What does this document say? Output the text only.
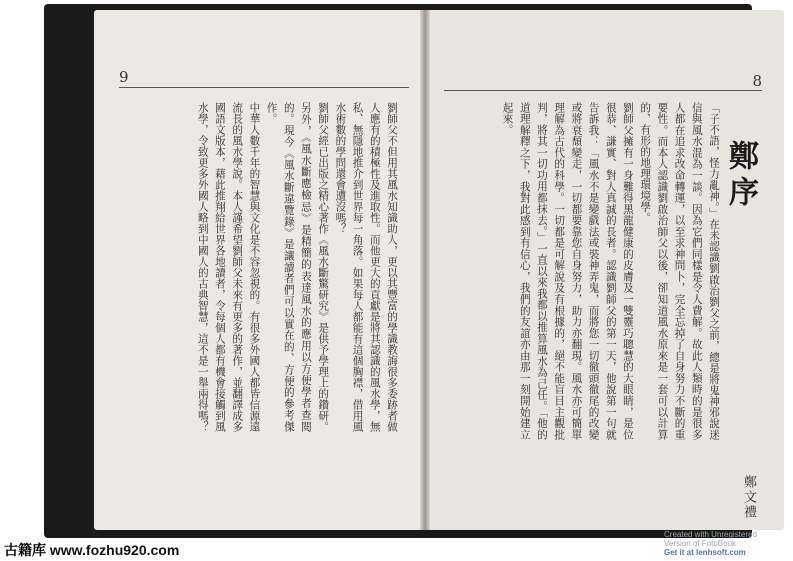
9

劉師父不但用其風水知識助人，更以其豐富的學識教誨很多委跡者做人應有的積極性及進取性。而他更大的貢獻是將其認識的風水學，無私、無隱地推介到世界每一角落。如果每人都能有這個胸襟，借用風水術數的學問還會遭沒嗎？

劉師父經已出版之精心著作《風水斷驚研究》是供予學理上的鑽研。另外，《風水斷應檢忌》是精簡的表達風水的應用以方便學者查閱的。現今《風水斷違覽錄》是讓讀者們可以實在的、方便的參考傑作。

中華人數千年的智慧與文化是不容忽視的。有很多外國人都皆信源遠流長的風水學說。本人謹希望劉師父未來有更多的著作，並翻譯成多國語文版本，藉此推翔給世界各地讀者，令每個人都有機會接觸到風水學，令致更多外國人略到中國人的古典智慧，這不是一舉兩得嗎？

8

「子不語，怪力亂神。」在未認識劉啟治劉父之前，總是將鬼神邪說迷信與風水混為一談。因為它們同樣是令人費解。故此人類時的是很多人都在追求改命轉運，以至求神問卜，完全忘掉了自身努力不斷的重要性。而本人認識劉啟治師父以後，卻知道風水原來是一套可以計算的、有形的地理環境學。

劉師父擁有一身難得黑龍健康的皮膚及一雙靈巧聰慧的大眼睛，是位很恭、謙實、對人真誠的長者。認識劉師父的第一天，他說第一句就告訴我：「風水不是變戲法或裝神弄鬼，而將您一切徹頭徹尾的改變或將衰頹變走，一切都要靠您自身努力，助力亦翻現。風水亦可簡單理解為古代的科學。一切都是可解說及有根據的，絕不能盲目主觀批判，將其一切功用都抹去。」一直以來我都以推算風水為己任。「他的道理解釋之下，我對此感到有信心，我們的友誼亦由那一刻開始建立起來。

鄭序
鄭文禮
古籍库 www.fozhu920.com
Created with Unregistered
Version of FotoBook
Get it at lenhsoft.com
